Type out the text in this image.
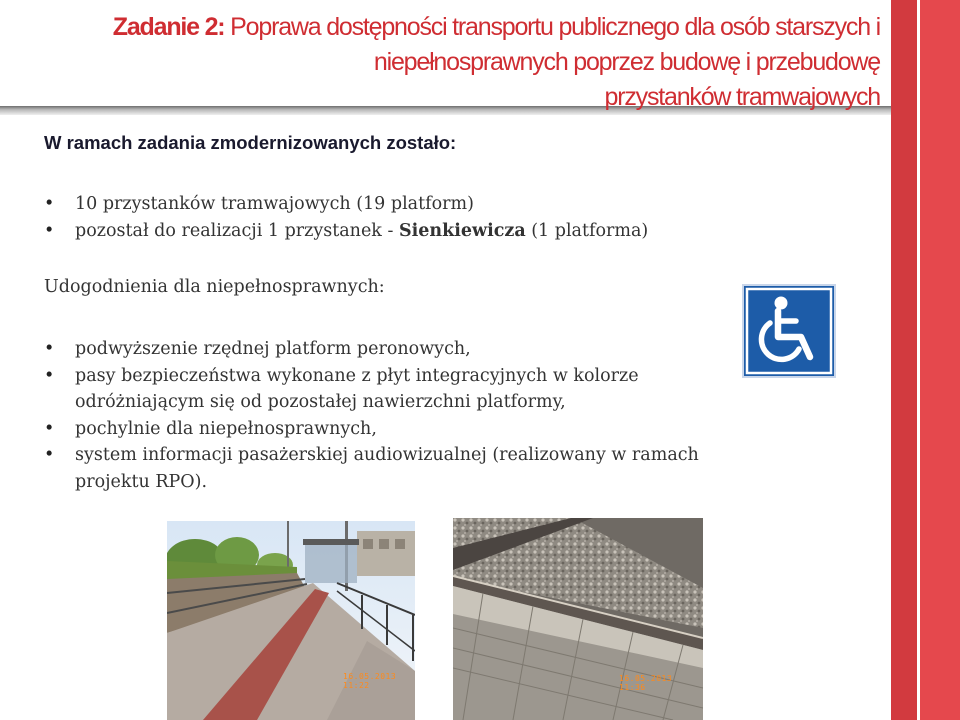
Zadanie 2: Poprawa dostępności transportu publicznego dla osób starszych i
niepełnosprawnych poprzez budowę i przebudowę
przystanków tramwajowych
W ramach zadania zmodernizowanych zostało:
• 10 przystanków tramwajowych (19 platform)
• pozostał do realizacji 1 przystanek - Sienkiewicza (1 platforma)
Udogodnienia dla niepełnosprawnych:
• podwyższenie rzędnej platform peronowych,
• pasy bezpieczeństwa wykonane z płyt integracyjnych w kolorze
odróżniającym się od pozostałej nawierzchni platformy,
• pochylnie dla niepełnosprawnych,
• system informacji pasażerskiej audiowizualnej (realizowany w ramach
projektu RPO).
16.05.2013 11:22
16.05.2013 11:36
odnia
